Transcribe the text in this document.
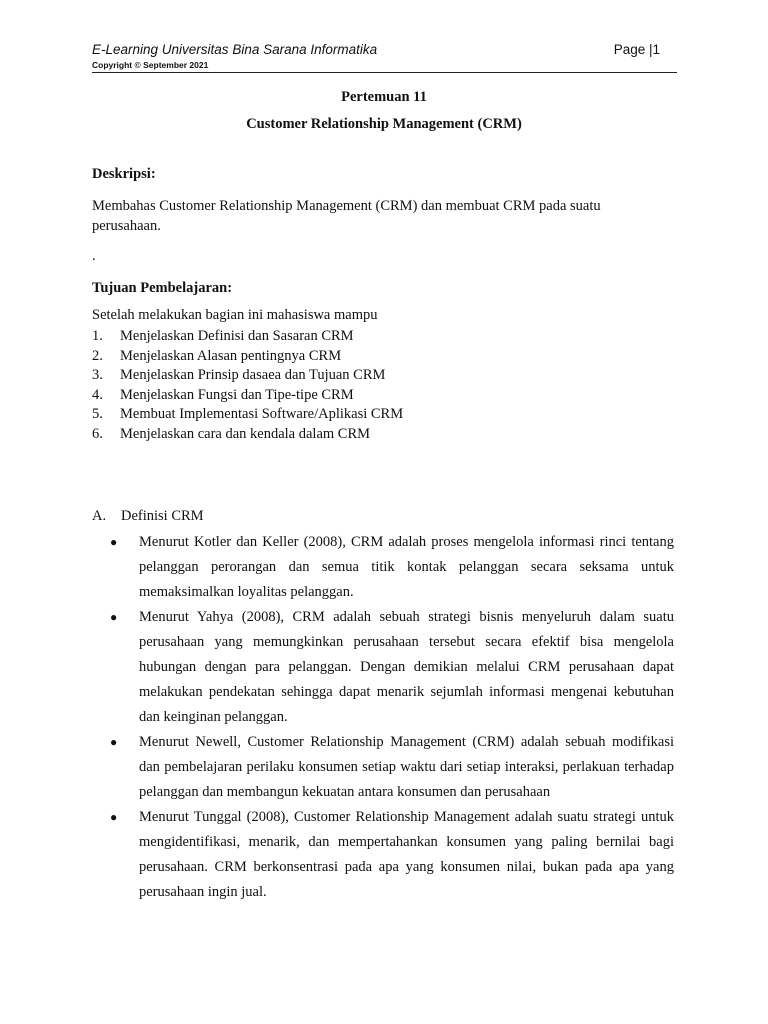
E-Learning Universitas Bina Sarana Informatika	Page |1
Copyright © September 2021
Pertemuan 11
Customer Relationship Management (CRM)
Deskripsi:
Membahas Customer Relationship Management (CRM) dan membuat CRM pada suatu perusahaan.
.
Tujuan Pembelajaran:
Setelah melakukan bagian ini mahasiswa mampu
1. Menjelaskan Definisi dan Sasaran CRM
2. Menjelaskan Alasan pentingnya CRM
3. Menjelaskan Prinsip dasaea dan Tujuan CRM
4. Menjelaskan Fungsi dan Tipe-tipe CRM
5. Membuat Implementasi Software/Aplikasi CRM
6. Menjelaskan cara dan kendala dalam CRM
A. Definisi CRM
● Menurut Kotler dan Keller (2008), CRM adalah proses mengelola informasi rinci tentang pelanggan perorangan dan semua titik kontak pelanggan secara seksama untuk memaksimalkan loyalitas pelanggan.
● Menurut Yahya (2008), CRM adalah sebuah strategi bisnis menyeluruh dalam suatu perusahaan yang memungkinkan perusahaan tersebut secara efektif bisa mengelola hubungan dengan para pelanggan. Dengan demikian melalui CRM perusahaan dapat melakukan pendekatan sehingga dapat menarik sejumlah informasi mengenai kebutuhan dan keinginan pelanggan.
● Menurut Newell, Customer Relationship Management (CRM) adalah sebuah modifikasi dan pembelajaran perilaku konsumen setiap waktu dari setiap interaksi, perlakuan terhadap pelanggan dan membangun kekuatan antara konsumen dan perusahaan
● Menurut Tunggal (2008), Customer Relationship Management adalah suatu strategi untuk mengidentifikasi, menarik, dan mempertahankan konsumen yang paling bernilai bagi perusahaan. CRM berkonsentrasi pada apa yang konsumen nilai, bukan pada apa yang perusahaan ingin jual.
